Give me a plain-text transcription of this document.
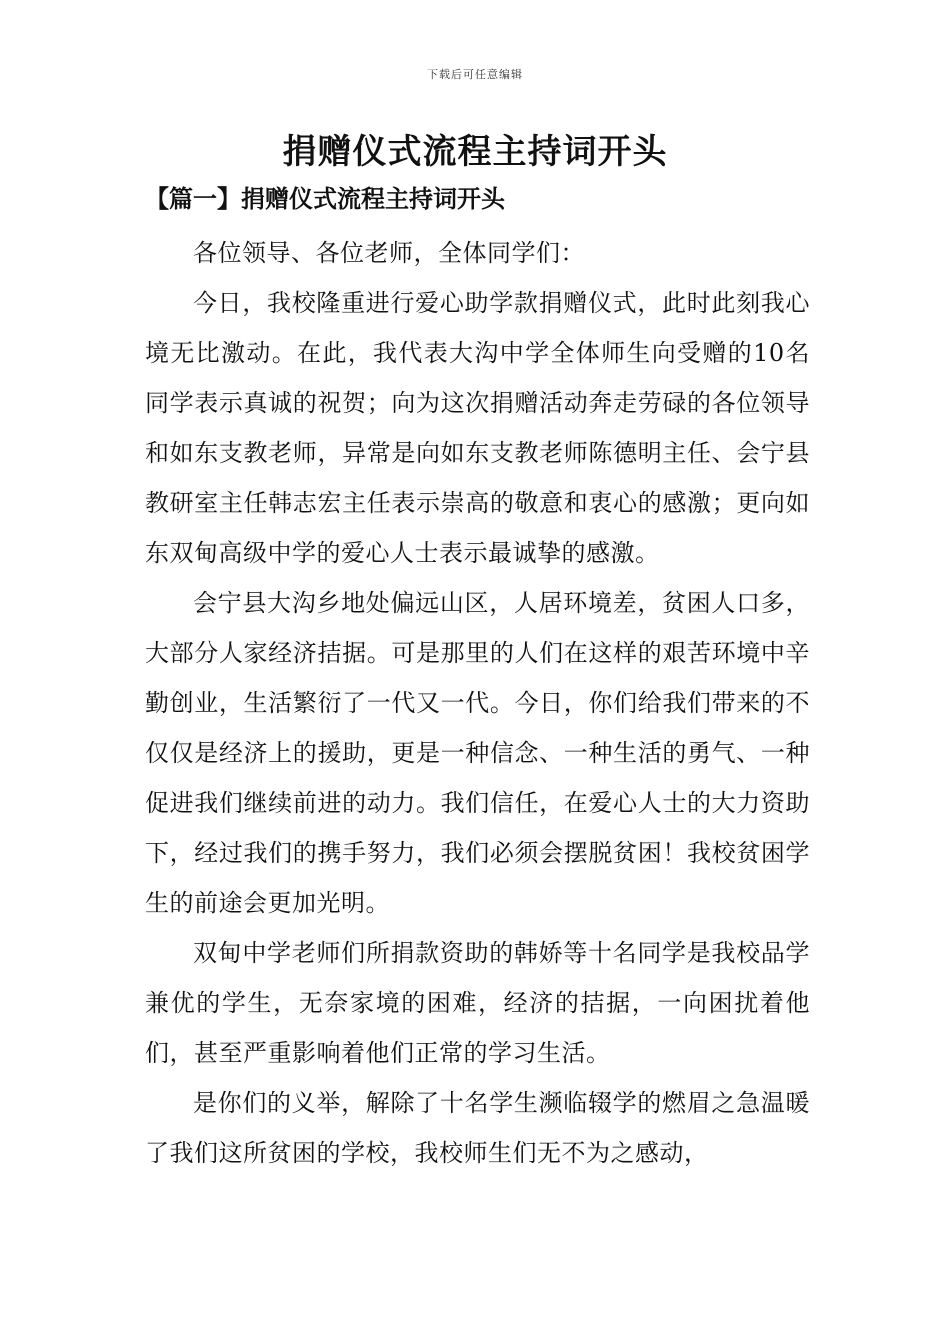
下载后可任意编辑
捐赠仪式流程主持词开头
【篇一】捐赠仪式流程主持词开头

各位领导、各位老师，全体同学们：

今日，我校隆重进行爱心助学款捐赠仪式，此时此刻我心境无比激动。在此，我代表大沟中学全体师生向受赠的10名同学表示真诚的祝贺；向为这次捐赠活动奔走劳碌的各位领导和如东支教老师，异常是向如东支教老师陈德明主任、会宁县教研室主任韩志宏主任表示崇高的敬意和衷心的感激；更向如东双甸高级中学的爱心人士表示最诚挚的感激。

会宁县大沟乡地处偏远山区，人居环境差，贫困人口多，大部分人家经济拮据。可是那里的人们在这样的艰苦环境中辛勤创业，生活繁衍了一代又一代。今日，你们给我们带来的不仅仅是经济上的援助，更是一种信念、一种生活的勇气、一种促进我们继续前进的动力。我们信任，在爱心人士的大力资助下，经过我们的携手努力，我们必须会摆脱贫困！我校贫困学生的前途会更加光明。

双甸中学老师们所捐款资助的韩娇等十名同学是我校品学兼优的学生，无奈家境的困难，经济的拮据，一向困扰着他们，甚至严重影响着他们正常的学习生活。

是你们的义举，解除了十名学生濒临辍学的燃眉之急温暖了我们这所贫困的学校，我校师生们无不为之感动，
